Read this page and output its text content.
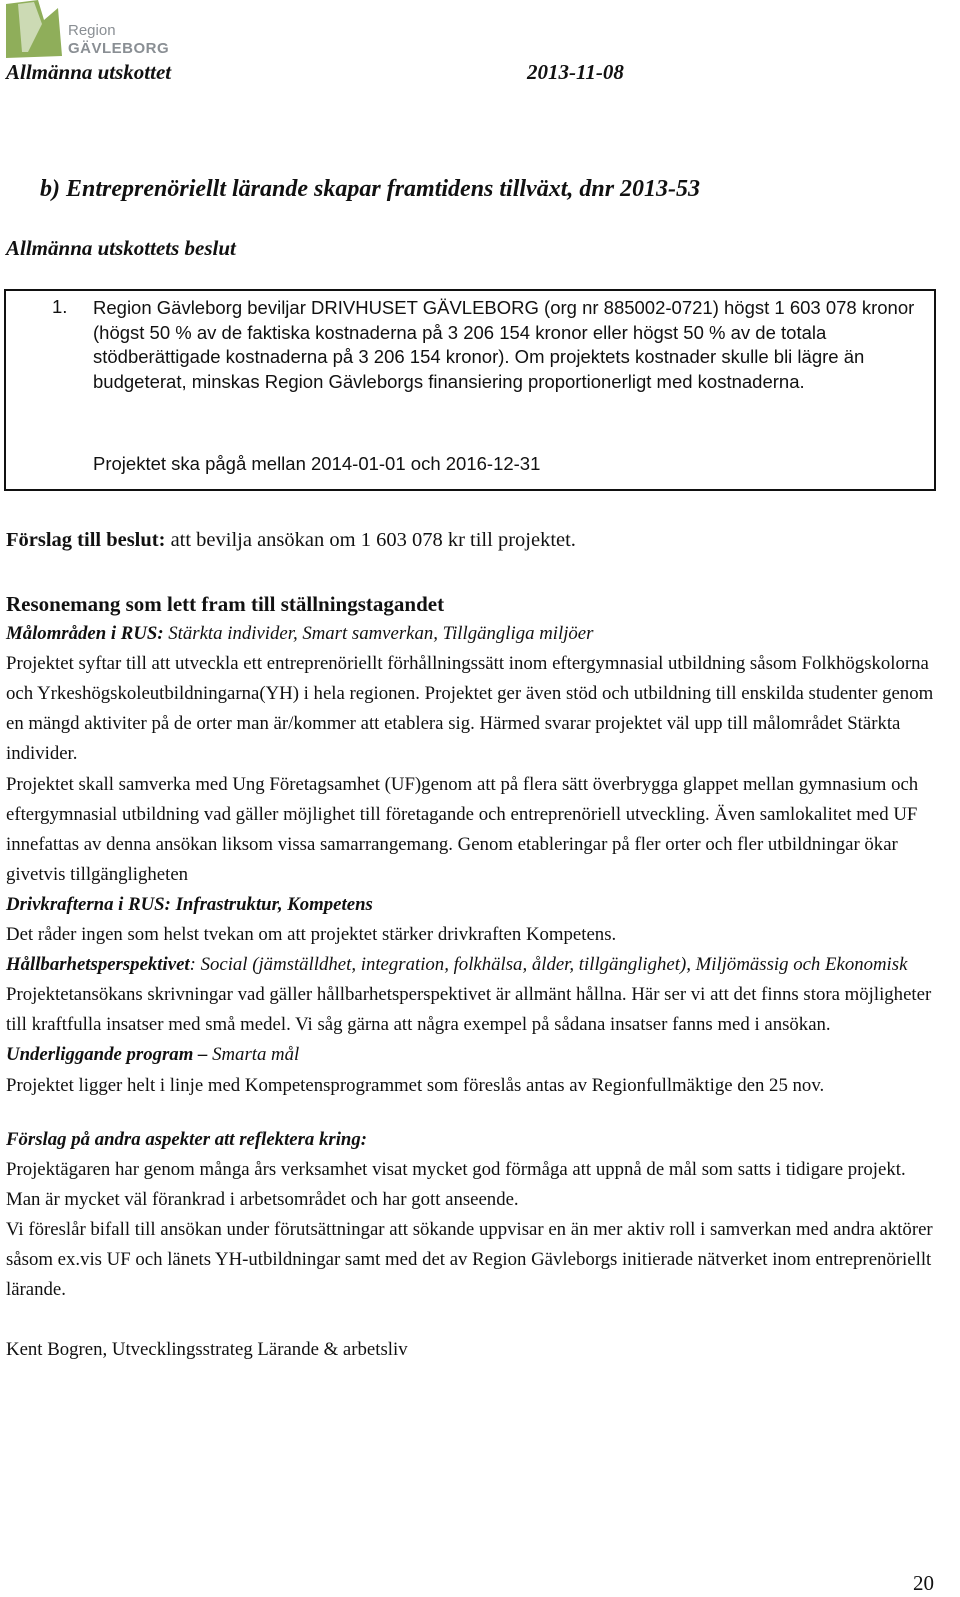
Region
GÄVLEBORG
Allmänna utskottet	2013-11-08
b) Entreprenöriellt lärande skapar framtidens tillväxt, dnr 2013-53
Allmänna utskottets beslut
1. Region Gävleborg beviljar DRIVHUSET GÄVLEBORG (org nr 885002-0721) högst 1 603 078 kronor (högst 50 % av de faktiska kostnaderna på 3 206 154 kronor eller högst 50 % av de totala stödberättigade kostnaderna på 3 206 154 kronor). Om projektets kostnader skulle bli lägre än budgeterat, minskas Region Gävleborgs finansiering proportionerligt med kostnaderna.
Projektet ska pågå mellan 2014-01-01 och 2016-12-31
Förslag till beslut: att bevilja ansökan om 1 603 078 kr till projektet.

Resonemang som lett fram till ställningstagandet

Målområden i RUS: Stärkta individer, Smart samverkan, Tillgängliga miljöer

Projektet syftar till att utveckla ett entreprenöriellt förhållningssätt inom eftergymnasial utbildning såsom Folkhögskolorna och Yrkeshögskoleutbildningarna(YH) i hela regionen. Projektet ger även stöd och utbildning till enskilda studenter genom en mängd aktiviter på de orter man är/kommer att etablera sig. Härmed svarar projektet väl upp till målområdet Stärkta individer.

Projektet skall samverka med Ung Företagsamhet (UF)genom att på flera sätt överbrygga glappet mellan gymnasium och eftergymnasial utbildning vad gäller möjlighet till företagande och entreprenöriell utveckling. Även samlokalitet med UF innefattas av denna ansökan liksom vissa samarrangemang. Genom etableringar på fler orter och fler utbildningar ökar givetvis tillgängligheten

Drivkrafterna i RUS: Infrastruktur, Kompetens

Det råder ingen som helst tvekan om att projektet stärker drivkraften Kompetens.

Hållbarhetsperspektivet: Social (jämställdhet, integration, folkhälsa, ålder, tillgänglighet), Miljömässig och Ekonomisk

Projektetansökans skrivningar vad gäller hållbarhetsperspektivet är allmänt hållna. Här ser vi att det finns stora möjligheter till kraftfulla insatser med små medel. Vi såg gärna att några exempel på sådana insatser fanns med i ansökan.

Underliggande program – Smarta mål

Projektet ligger helt i linje med Kompetensprogrammet som föreslås antas av Regionfullmäktige den 25 nov.

Förslag på andra aspekter att reflektera kring:

Projektägaren har genom många års verksamhet visat mycket god förmåga att uppnå de mål som satts i tidigare projekt. Man är mycket väl förankrad i arbetsområdet och har gott anseende.

Vi föreslår bifall till ansökan under förutsättningar att sökande uppvisar en än mer aktiv roll i samverkan med andra aktörer såsom ex.vis UF och länets YH-utbildningar samt med det av Region Gävleborgs initierade nätverket inom entreprenöriellt lärande.

Kent Bogren, Utvecklingsstrateg Lärande & arbetsliv

20
